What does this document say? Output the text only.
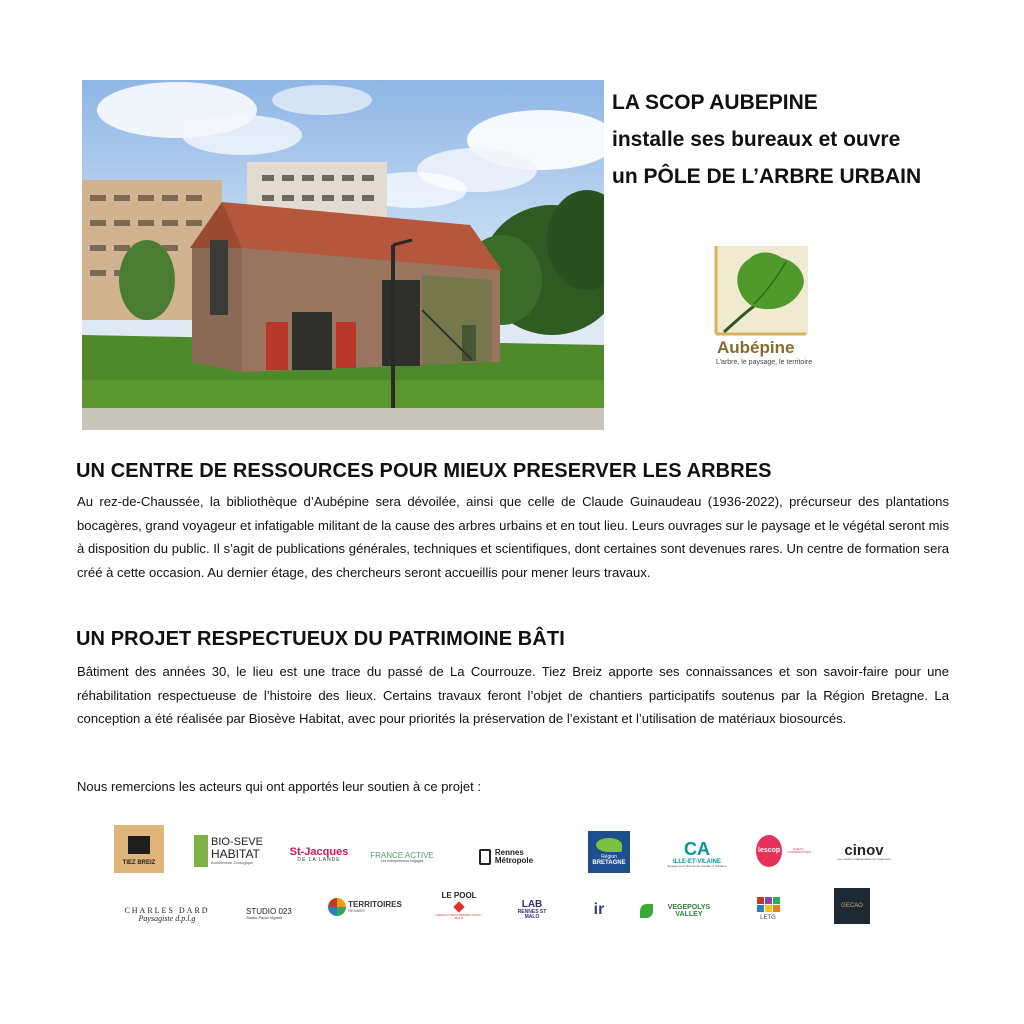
LA SCOP AUBEPINE
installe ses bureaux et ouvre
un PÔLE DE L’ARBRE URBAIN
Aubépine
L’arbre, le paysage, le territoire
UN CENTRE DE RESSOURCES POUR MIEUX PRESERVER LES ARBRES

Au rez-de-Chaussée, la bibliothèque d’Aubépine sera dévoilée, ainsi que celle de Claude Guinaudeau (1936-2022), précurseur des plantations bocagères, grand voyageur et infatigable militant de la cause des arbres urbains et en tout lieu. Leurs ouvrages sur le paysage et le végétal seront mis à disposition du public. Il s’agit de publications générales, techniques et scientifiques, dont certaines sont devenues rares. Un centre de formation sera créé à cette occasion. Au dernier étage, des chercheurs seront accueillis pour mener leurs travaux.

UN PROJET RESPECTUEUX DU PATRIMOINE BÂTI

Bâtiment des années 30, le lieu est une trace du passé de La Courrouze. Tiez Breiz apporte ses connaissances et son savoir-faire pour une réhabilitation respectueuse de l’histoire des lieux. Certains travaux feront l’objet de chantiers participatifs soutenus par la Région Bretagne. La conception a été réalisée par Biosève Habitat, avec pour priorités la préservation de l’existant et l’utilisation de matériaux biosourcés.

Nous remercions les acteurs qui ont apportés leur soutien à ce projet :
TIEZ BREIZ
BIO-SEVE
HABITAT
Architecture Ecologique
St-Jacques
DE LA LANDE
FRANCE ACTIVE
Les entrepreneurs engagés
Rennes
Métropole	Région
BRETAGNE
CA
ILLE-ET-VILAINE
Engagé pour l'Economie Sociale et Solidaire
lescop	OUEST - COOPÉRATIVES cinov
Les métiers indépendants de l'ingénierie
CHARLES DARD
Paysagiste d.p.l.g
STUDIO 023
Studio Paolo Viganò
TERRITOIRES
RENNES
LE POOL
FRENCH TECH RENNES SAINT-MALO
LAB
RENNES ST MALO	ir	VEGEPOLYS VALLEY	LETG
GECAO
